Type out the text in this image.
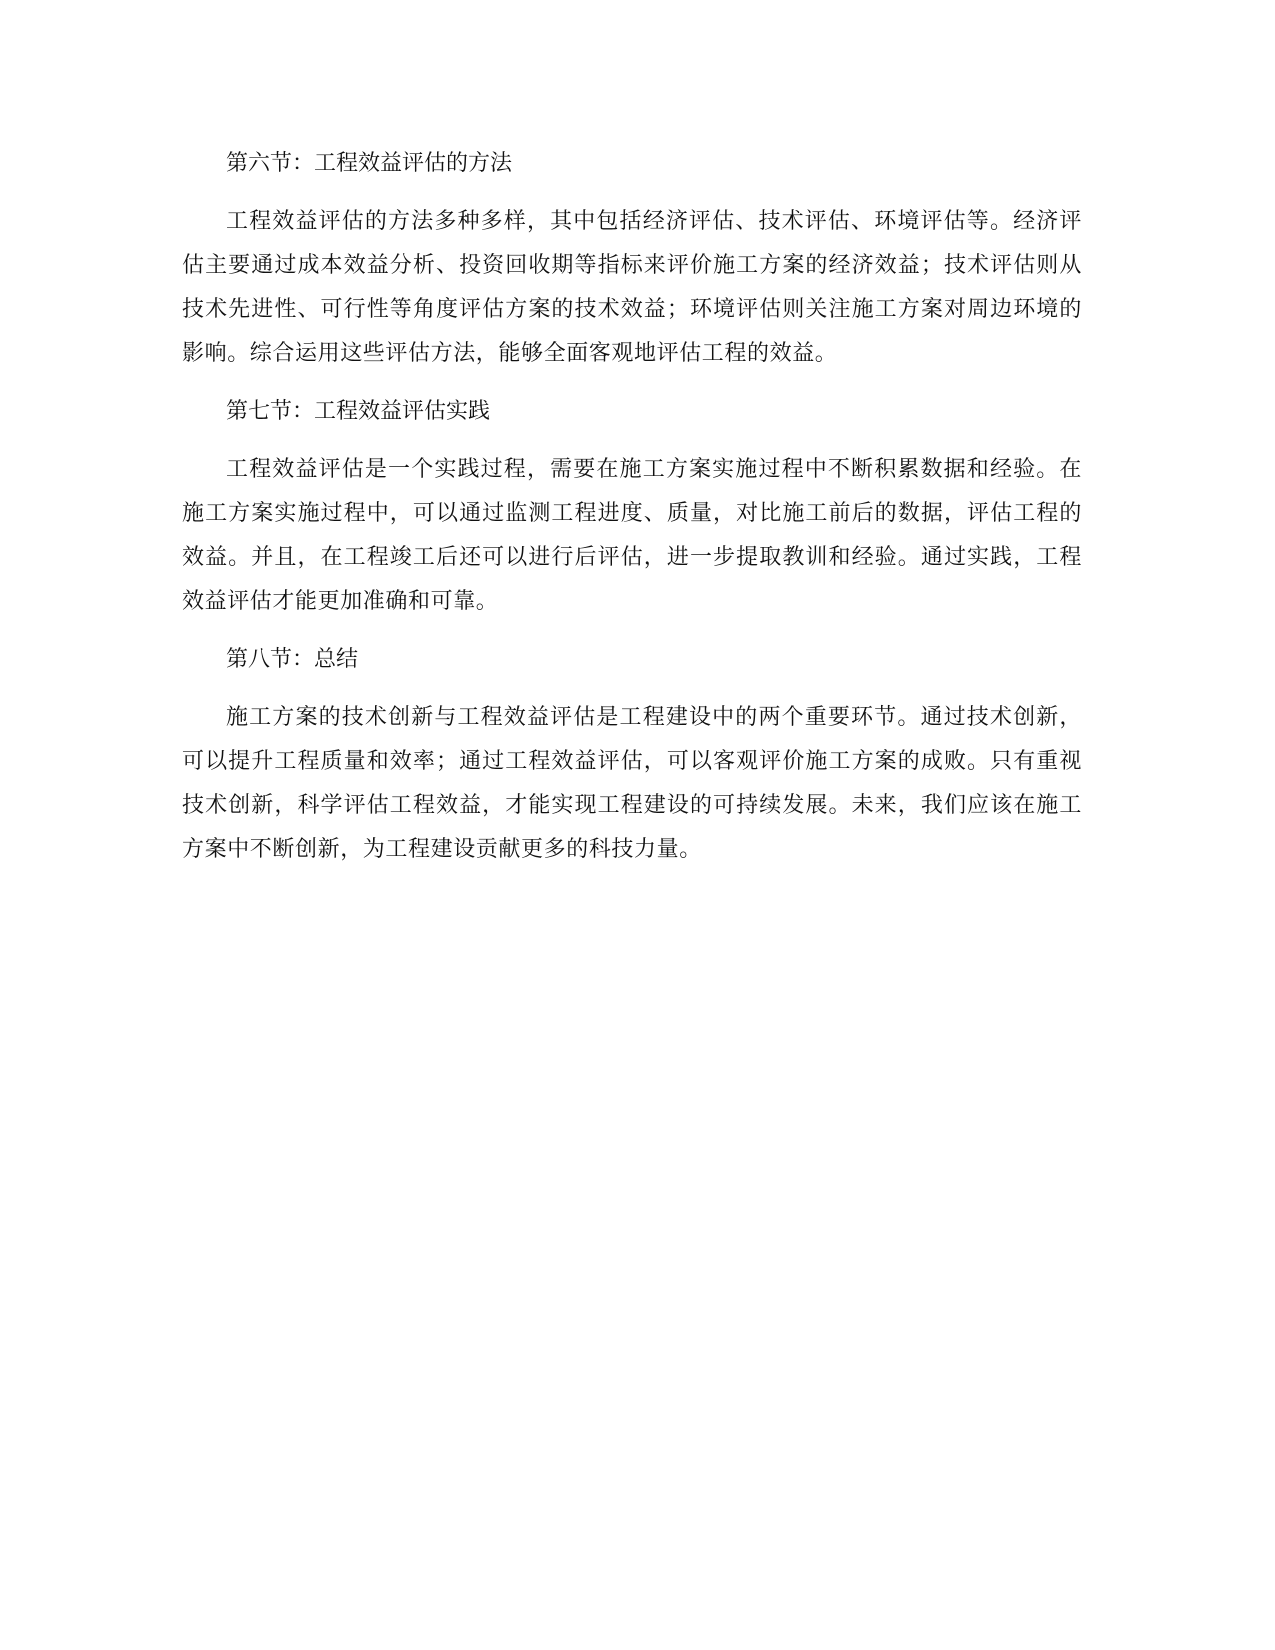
第六节：工程效益评估的方法

工程效益评估的方法多种多样，其中包括经济评估、技术评估、环境评估等。经济评估主要通过成本效益分析、投资回收期等指标来评价施工方案的经济效益；技术评估则从技术先进性、可行性等角度评估方案的技术效益；环境评估则关注施工方案对周边环境的影响。综合运用这些评估方法，能够全面客观地评估工程的效益。

第七节：工程效益评估实践

工程效益评估是一个实践过程，需要在施工方案实施过程中不断积累数据和经验。在施工方案实施过程中，可以通过监测工程进度、质量，对比施工前后的数据，评估工程的效益。并且，在工程竣工后还可以进行后评估，进一步提取教训和经验。通过实践，工程效益评估才能更加准确和可靠。

第八节：总结

施工方案的技术创新与工程效益评估是工程建设中的两个重要环节。通过技术创新，可以提升工程质量和效率；通过工程效益评估，可以客观评价施工方案的成败。只有重视技术创新，科学评估工程效益，才能实现工程建设的可持续发展。未来，我们应该在施工方案中不断创新，为工程建设贡献更多的科技力量。
